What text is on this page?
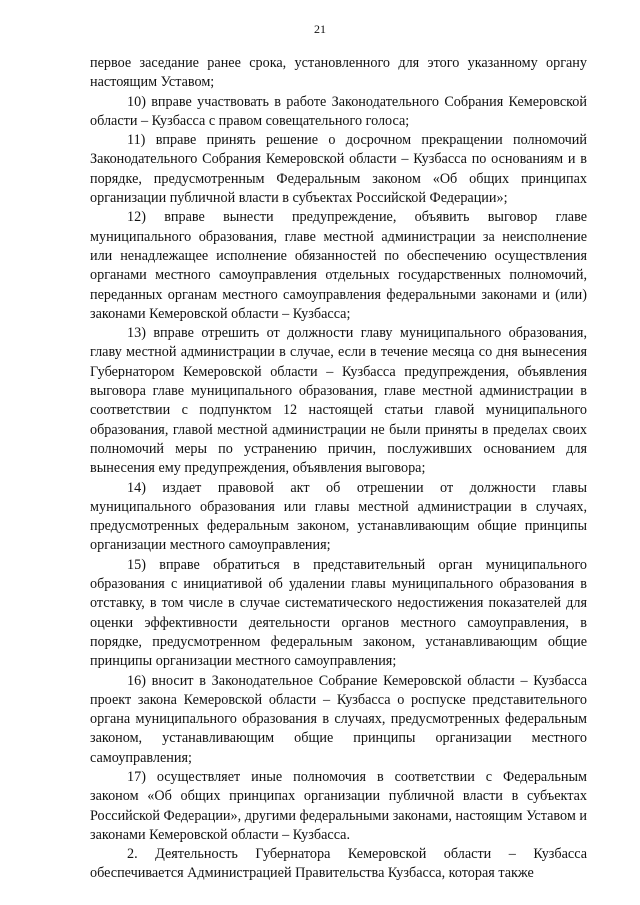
21

первое заседание ранее срока, установленного для этого указанному органу настоящим Уставом;

10) вправе участвовать в работе Законодательного Собрания Кемеровской области – Кузбасса с правом совещательного голоса;

11) вправе принять решение о досрочном прекращении полномочий Законодательного Собрания Кемеровской области – Кузбасса по основаниям и в порядке, предусмотренным Федеральным законом «Об общих принципах организации публичной власти в субъектах Российской Федерации»;

12) вправе вынести предупреждение, объявить выговор главе муниципального образования, главе местной администрации за неисполнение или ненадлежащее исполнение обязанностей по обеспечению осуществления органами местного самоуправления отдельных государственных полномочий, переданных органам местного самоуправления федеральными законами и (или) законами Кемеровской области – Кузбасса;

13) вправе отрешить от должности главу муниципального образования, главу местной администрации в случае, если в течение месяца со дня вынесения Губернатором Кемеровской области – Кузбасса предупреждения, объявления выговора главе муниципального образования, главе местной администрации в соответствии с подпунктом 12 настоящей статьи главой муниципального образования, главой местной администрации не были приняты в пределах своих полномочий меры по устранению причин, послуживших основанием для вынесения ему предупреждения, объявления выговора;

14) издает правовой акт об отрешении от должности главы муниципального образования или главы местной администрации в случаях, предусмотренных федеральным законом, устанавливающим общие принципы организации местного самоуправления;

15) вправе обратиться в представительный орган муниципального образования с инициативой об удалении главы муниципального образования в отставку, в том числе в случае систематического недостижения показателей для оценки эффективности деятельности органов местного самоуправления, в порядке, предусмотренном федеральным законом, устанавливающим общие принципы организации местного самоуправления;

16) вносит в Законодательное Собрание Кемеровской области – Кузбасса проект закона Кемеровской области – Кузбасса о роспуске представительного органа муниципального образования в случаях, предусмотренных федеральным законом, устанавливающим общие принципы организации местного самоуправления;

17) осуществляет иные полномочия в соответствии с Федеральным законом «Об общих принципах организации публичной власти в субъектах Российской Федерации», другими федеральными законами, настоящим Уставом и законами Кемеровской области – Кузбасса.

2. Деятельность Губернатора Кемеровской области – Кузбасса обеспечивается Администрацией Правительства Кузбасса, которая также
